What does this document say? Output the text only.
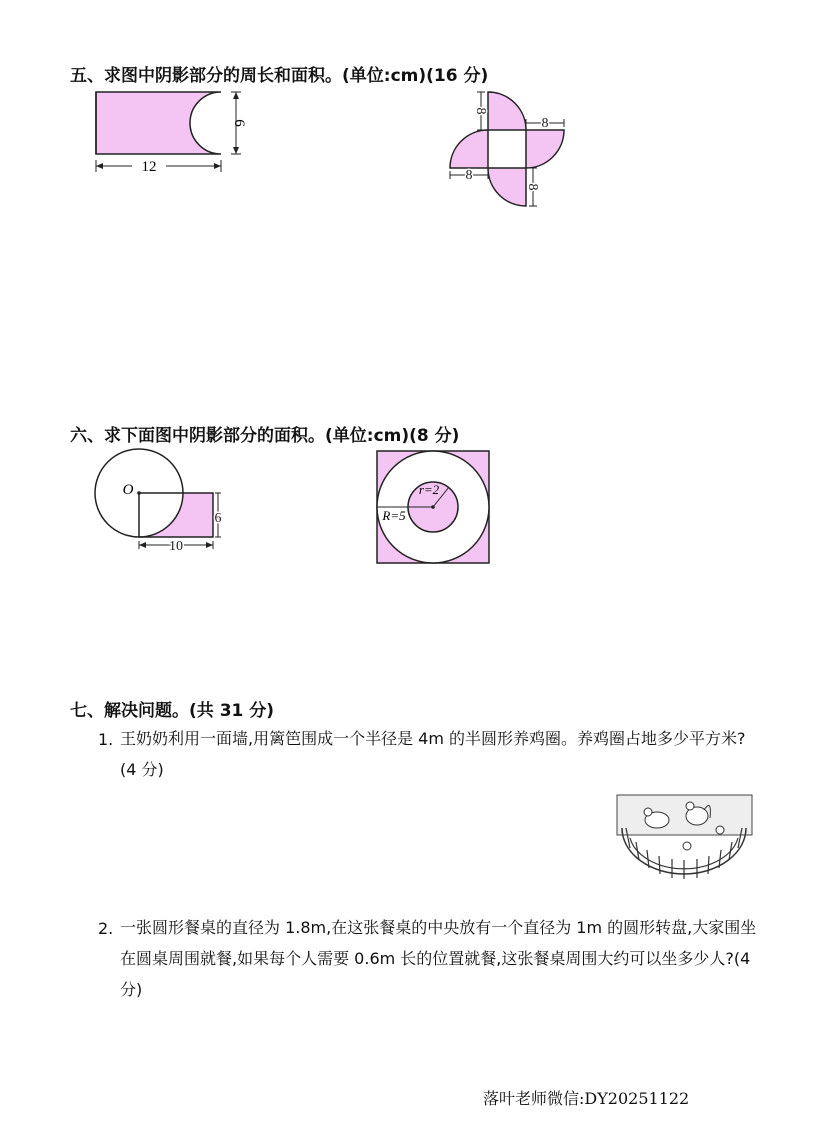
五、求图中阴影部分的周长和面积。(单位:cm)(16 分)
6
12
8
8
8
8
六、求下面图中阴影部分的面积。(单位:cm)(8 分)
O
6
10
r=2
R=5
七、解决问题。(共 31 分)
1. 王奶奶利用一面墙,用篱笆围成一个半径是 4m 的半圆形养鸡圈。养鸡圈占地多少平方米?(4 分)
2. 一张圆形餐桌的直径为 1.8m,在这张餐桌的中央放有一个直径为 1m 的圆形转盘,大家围坐在圆桌周围就餐,如果每个人需要 0.6m 长的位置就餐,这张餐桌周围大约可以坐多少人?(4 分)
落叶老师微信:DY20251122
